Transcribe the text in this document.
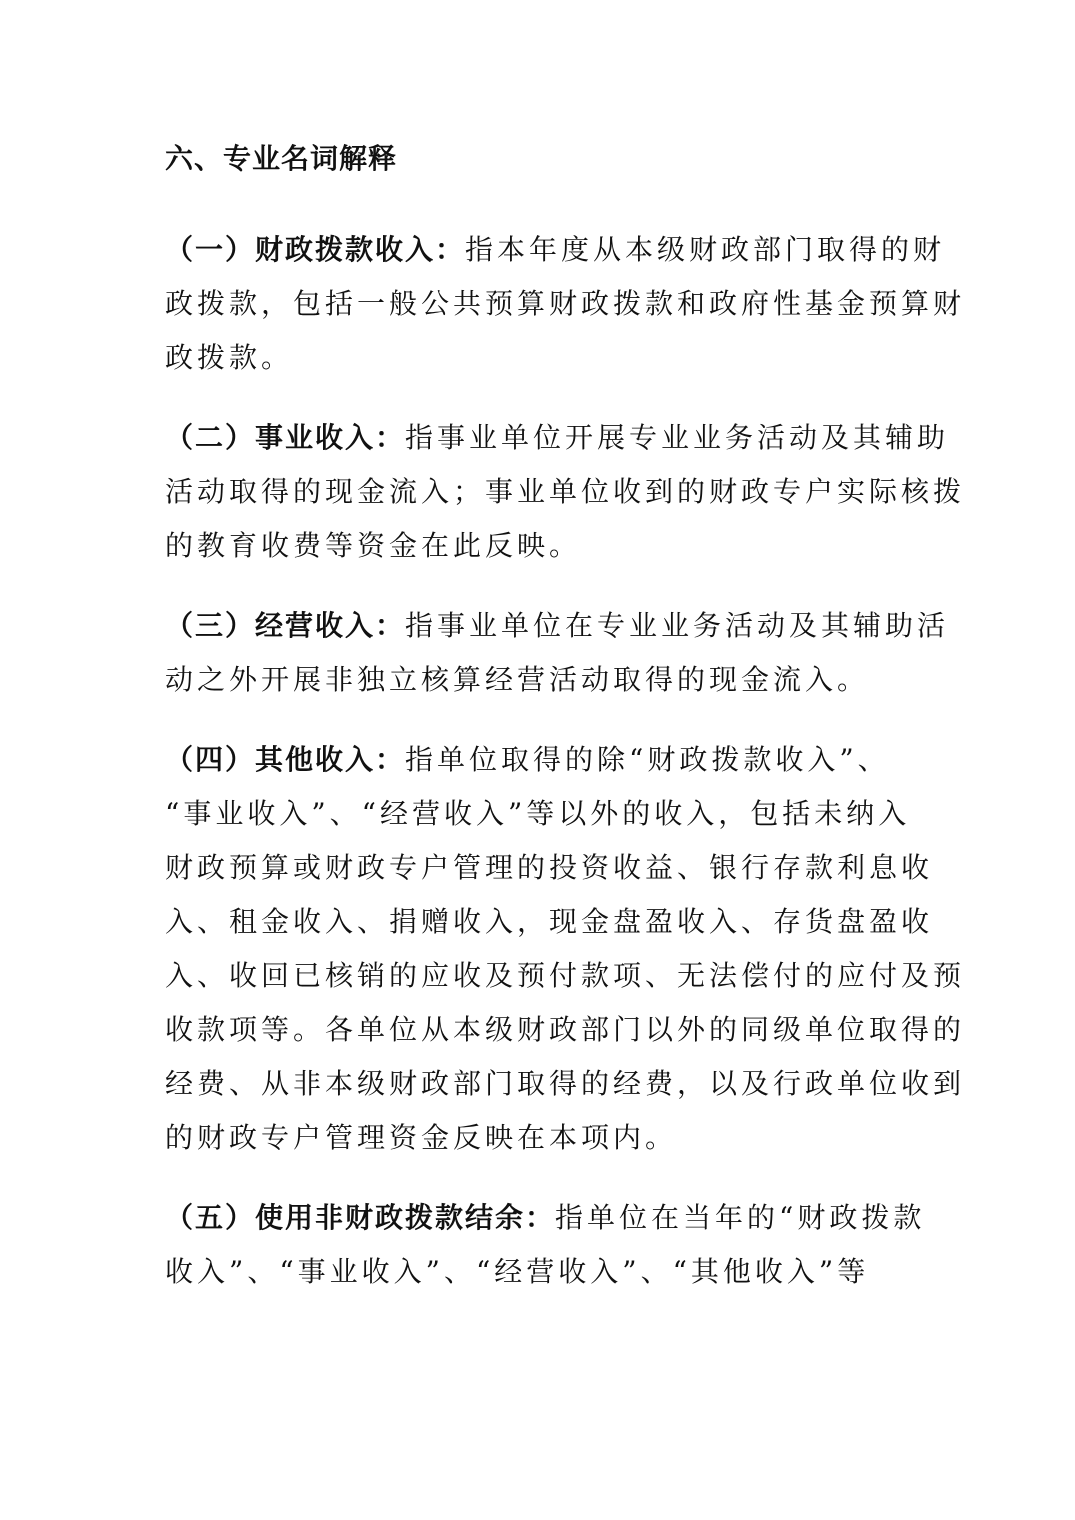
六、专业名词解释
（一）财政拨款收入：指本年度从本级财政部门取得的财
政拨款，包括一般公共预算财政拨款和政府性基金预算财
政拨款。
（二）事业收入：指事业单位开展专业业务活动及其辅助
活动取得的现金流入；事业单位收到的财政专户实际核拨
的教育收费等资金在此反映。
（三）经营收入：指事业单位在专业业务活动及其辅助活
动之外开展非独立核算经营活动取得的现金流入。
（四）其他收入：指单位取得的除“财政拨款收入”、
“事业收入”、“经营收入”等以外的收入，包括未纳入
财政预算或财政专户管理的投资收益、银行存款利息收
入、租金收入、捐赠收入，现金盘盈收入、存货盘盈收
入、收回已核销的应收及预付款项、无法偿付的应付及预
收款项等。各单位从本级财政部门以外的同级单位取得的
经费、从非本级财政部门取得的经费，以及行政单位收到
的财政专户管理资金反映在本项内。
（五）使用非财政拨款结余：指单位在当年的“财政拨款
收入”、“事业收入”、“经营收入”、“其他收入”等
